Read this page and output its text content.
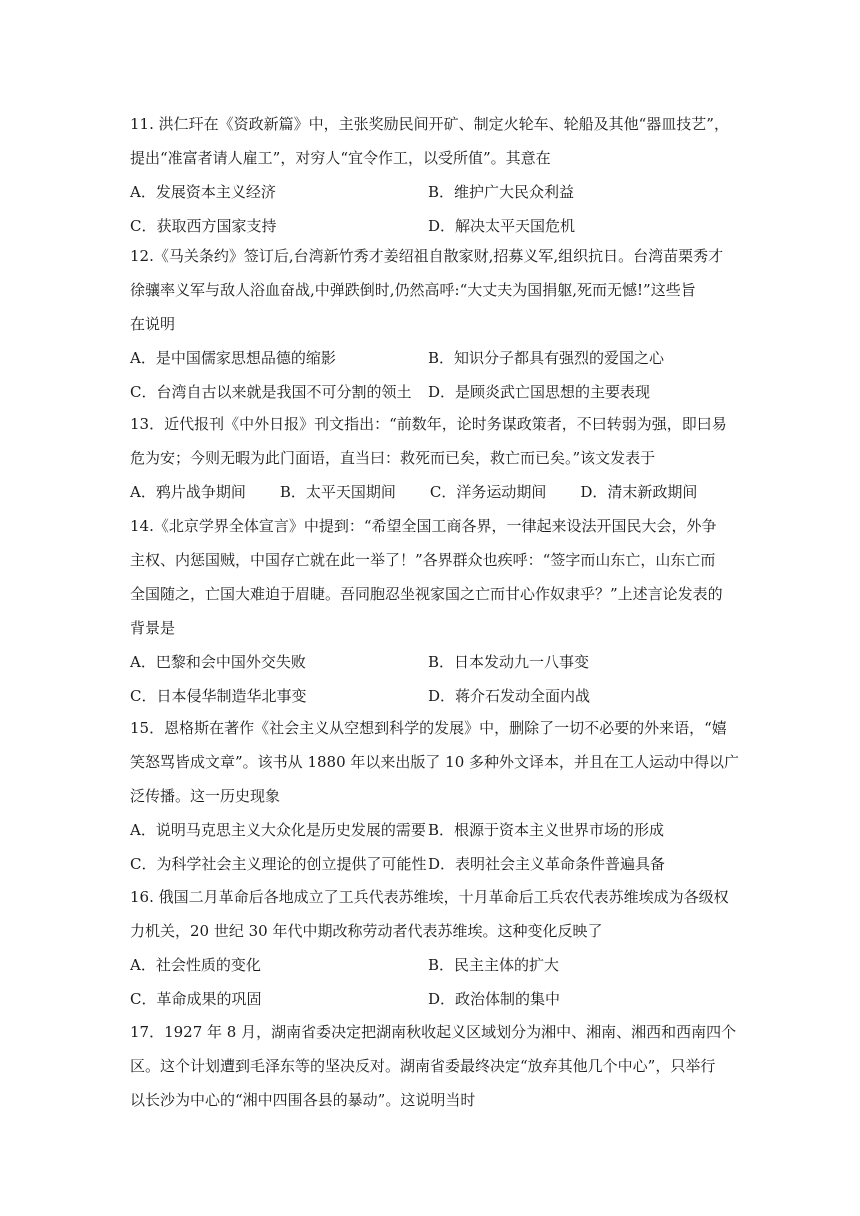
11. 洪仁玕在《资政新篇》中，主张奖励民间开矿、制定火轮车、轮船及其他“器皿技艺”，
提出“准富者请人雇工”，对穷人“宜令作工，以受所值”。其意在
A．发展资本主义经济	B．维护广大民众利益
C．获取西方国家支持	D．解决太平天国危机
12.《马关条约》签订后,台湾新竹秀才姜绍祖自散家财,招募义军,组织抗日。台湾苗栗秀才
徐骧率义军与敌人浴血奋战,中弹跌倒时,仍然高呼:“大丈夫为国捐躯,死而无憾!”这些旨
在说明
A．是中国儒家思想品德的缩影	B．知识分子都具有强烈的爱国之心
C．台湾自古以来就是我国不可分割的领土	D．是顾炎武亡国思想的主要表现
13．近代报刊《中外日报》刊文指出：“前数年，论时务谋政策者，不曰转弱为强，即曰易
危为安；今则无暇为此门面语，直当曰：救死而已矣，救亡而已矣。”该文发表于
A．鸦片战争期间 B．太平天国期间 C．洋务运动期间 D．清末新政期间
14.《北京学界全体宣言》中提到：“希望全国工商各界，一律起来设法开国民大会，外争
主权、内惩国贼，中国存亡就在此一举了！”各界群众也疾呼：“签字而山东亡，山东亡而
全国随之，亡国大难迫于眉睫。吾同胞忍坐视家国之亡而甘心作奴隶乎？”上述言论发表的
背景是
A．巴黎和会中国外交失败	B．日本发动九一八事变
C．日本侵华制造华北事变	D．蒋介石发动全面内战
15．恩格斯在著作《社会主义从空想到科学的发展》中，删除了一切不必要的外来语，“嬉
笑怒骂皆成文章”。该书从 1880 年以来出版了 10 多种外文译本，并且在工人运动中得以广
泛传播。这一历史现象
A．说明马克思主义大众化是历史发展的需要 B．根源于资本主义世界市场的形成
C．为科学社会主义理论的创立提供了可能性 D．表明社会主义革命条件普遍具备
16. 俄国二月革命后各地成立了工兵代表苏维埃，十月革命后工兵农代表苏维埃成为各级权
力机关，20 世纪 30 年代中期改称劳动者代表苏维埃。这种变化反映了
A．社会性质的变化	B．民主主体的扩大
C．革命成果的巩固	D．政治体制的集中
17．1927 年 8 月，湖南省委决定把湖南秋收起义区域划分为湘中、湘南、湘西和西南四个
区。这个计划遭到毛泽东等的坚决反对。湖南省委最终决定“放弃其他几个中心”，只举行
以长沙为中心的“湘中四围各县的暴动”。这说明当时
